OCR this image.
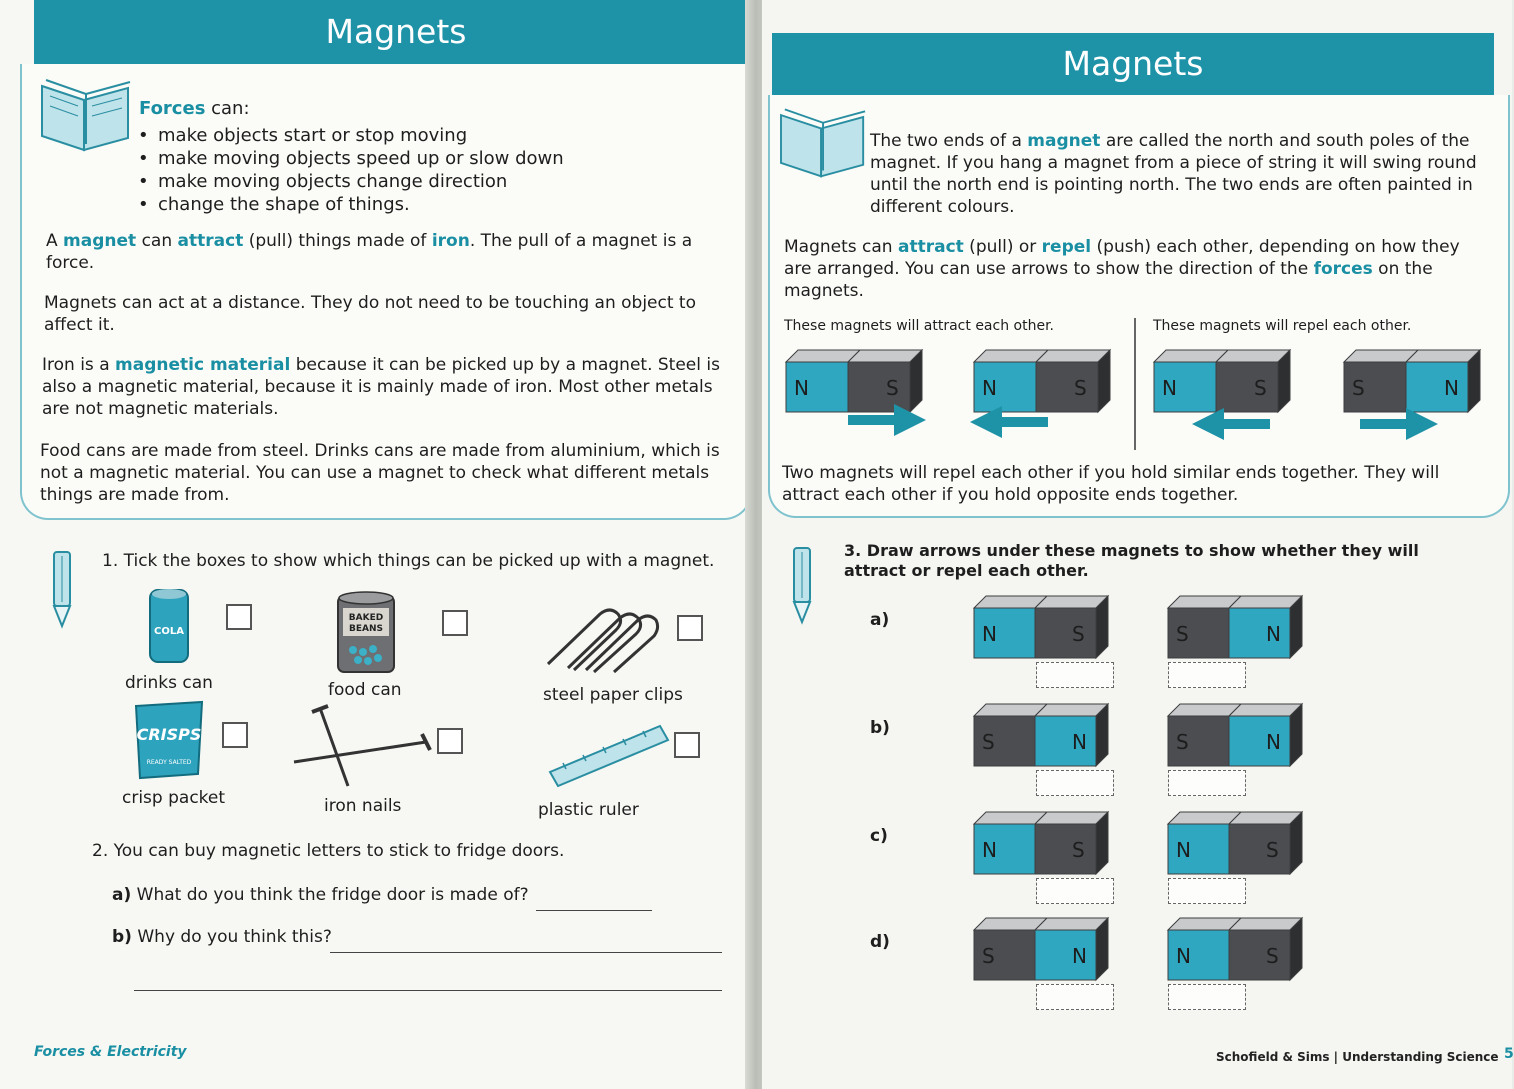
Magnets
Forces can:
• make objects start or stop moving
• make moving objects speed up or slow down
• make moving objects change direction
• change the shape of things.
A magnet can attract (pull) things made of iron. The pull of a magnet is a force.
Magnets can act at a distance. They do not need to be touching an object to affect it.
Iron is a magnetic material because it can be picked up by a magnet. Steel is also a magnetic material, because it is mainly made of iron. Most other metals are not magnetic materials.
Food cans are made from steel. Drinks cans are made from aluminium, which is not a magnetic material. You can use a magnet to check what different metals things are made from.
1. Tick the boxes to show which things can be picked up with a magnet.
COLA
drinks can
BAKED
BEANS
food can	steel paper clips
CRISPS
READY SALTED
crisp packet	iron nails	plastic ruler
2. You can buy magnetic letters to stick to fridge doors.
a) What do you think the fridge door is made of?
b) Why do you think this?
Forces & Electricity
Magnets
The two ends of a magnet are called the north and south poles of the magnet. If you hang a magnet from a piece of string it will swing round until the north end is pointing north. The two ends are often painted in different colours.
Magnets can attract (pull) or repel (push) each other, depending on how they are arranged. You can use arrows to show the direction of the forces on the magnets.
These magnets will attract each other.	These magnets will repel each other.
N	S	N	S	N	S	S	N
Two magnets will repel each other if you hold similar ends together. They will attract each other if you hold opposite ends together.
3. Draw arrows under these magnets to show whether they will attract or repel each other.
a)
N	S	S	N
b)
S	N	S	N
c)
N	S	N	S
d)
S	N	N	S
Schofield & Sims | Understanding Science 5
